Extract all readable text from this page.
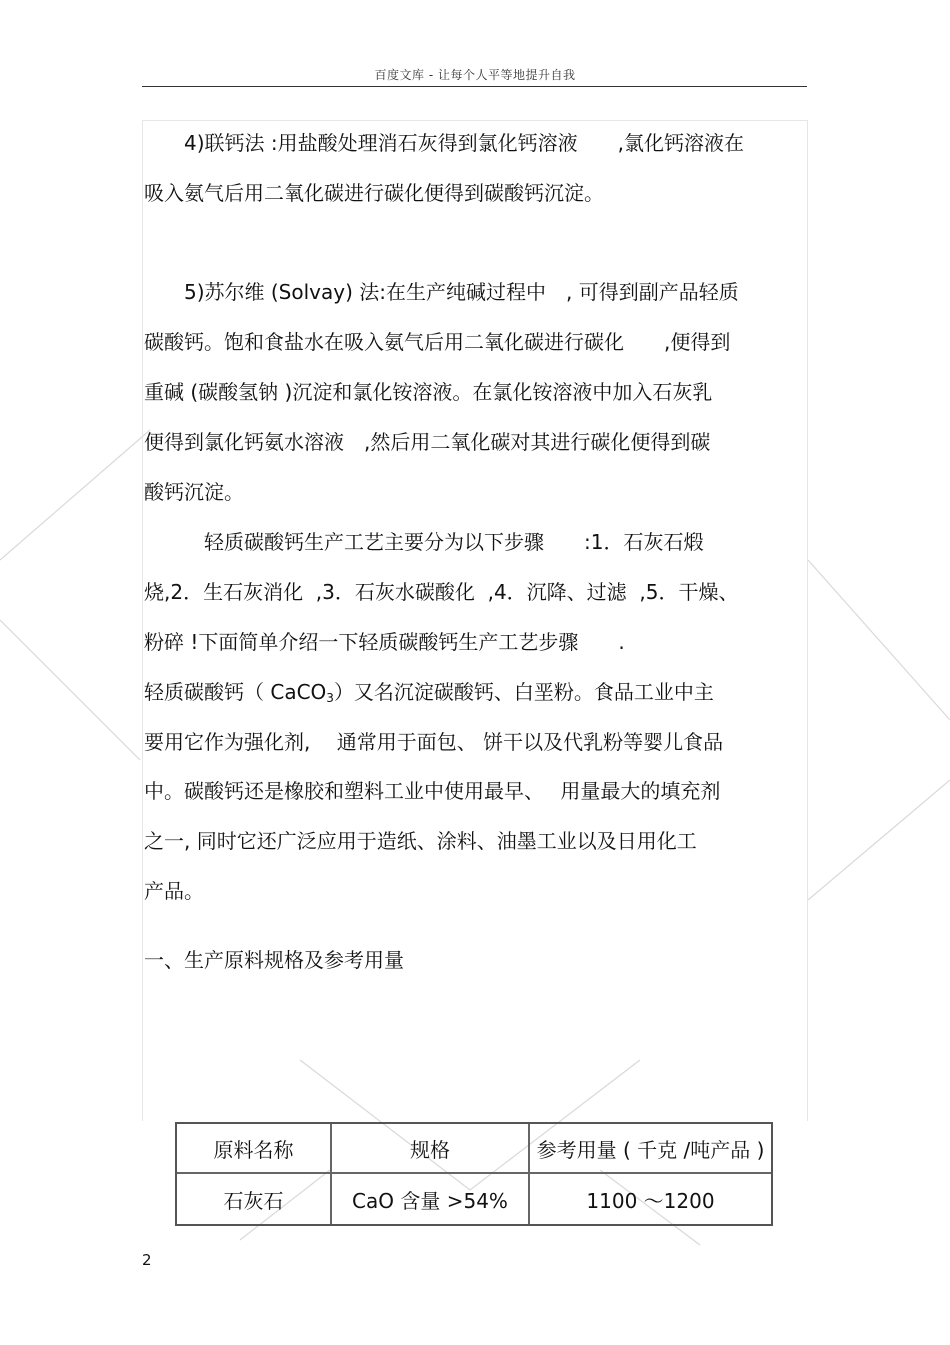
百度文库 - 让每个人平等地提升自我
　　4)联钙法 :用盐酸处理消石灰得到氯化钙溶液　　,氯化钙溶液在
吸入氨气后用二氧化碳进行碳化便得到碳酸钙沉淀。
　　5)苏尔维 (Solvay) 法:在生产纯碱过程中　, 可得到副产品轻质
碳酸钙。饱和食盐水在吸入氨气后用二氧化碳进行碳化　　,便得到
重碱 (碳酸氢钠 )沉淀和氯化铵溶液。在氯化铵溶液中加入石灰乳
便得到氯化钙氨水溶液　,然后用二氧化碳对其进行碳化便得到碳
酸钙沉淀。
　　　轻质碳酸钙生产工艺主要分为以下步骤　　:1．石灰石煅
烧,2．生石灰消化  ,3．石灰水碳酸化  ,4．沉降、过滤  ,5．干燥、
粉碎 !下面简单介绍一下轻质碳酸钙生产工艺步骤　　.
轻质碳酸钙（ CaCO$_3$）又名沉淀碳酸钙、白垩粉。食品工业中主
要用它作为强化剂,　 通常用于面包、 饼干以及代乳粉等婴儿食品
中。碳酸钙还是橡胶和塑料工业中使用最早、　 用量最大的填充剂
之一, 同时它还广泛应用于造纸、涂料、油墨工业以及日用化工
产品。
一、生产原料规格及参考用量
原料名称	规格	参考用量 ( 千克 /吨产品 )
石灰石	CaO 含量 >54%	1100 ～1200
2
